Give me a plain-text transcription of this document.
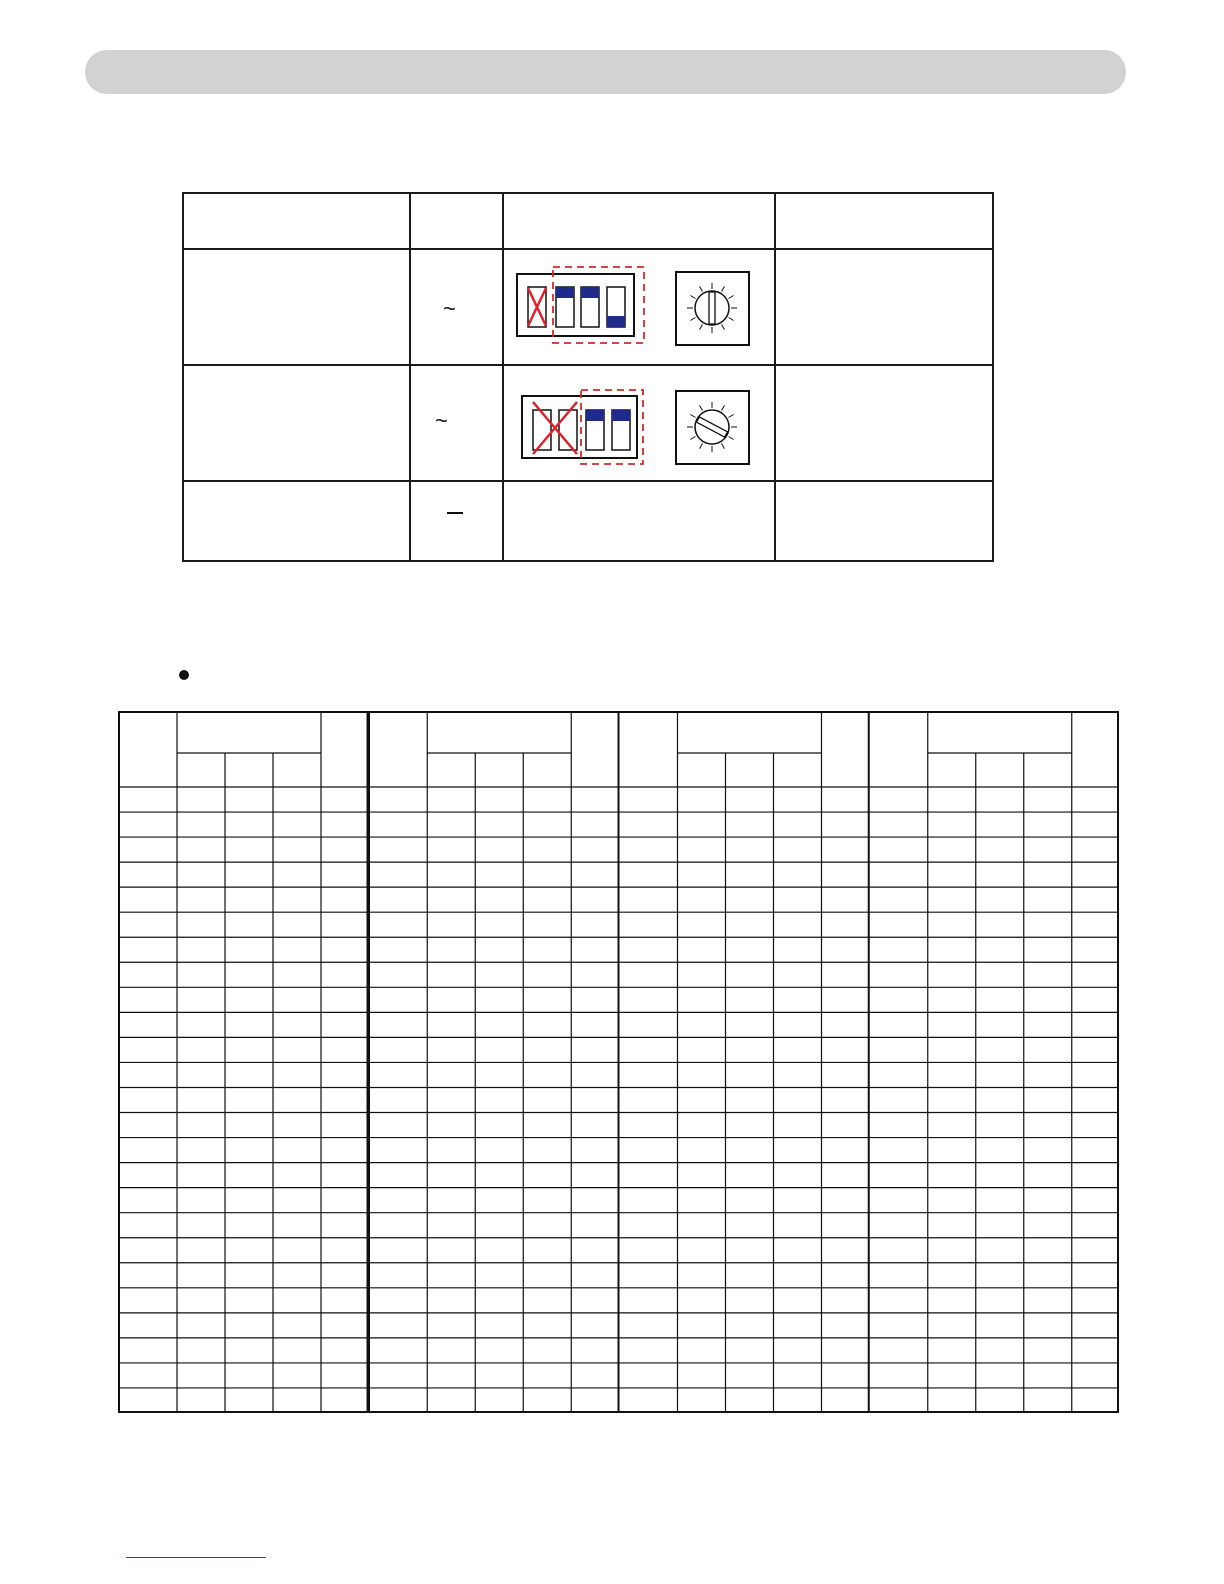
	~

	~
